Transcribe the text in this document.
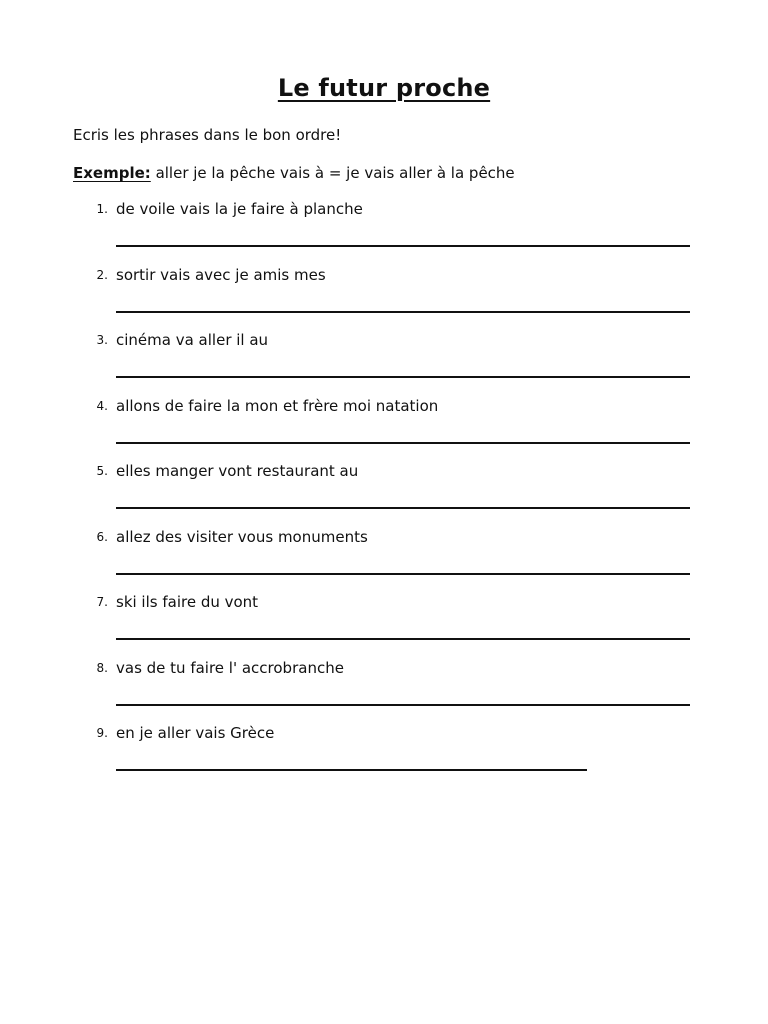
Le futur proche
Ecris les phrases dans le bon ordre!
Exemple: aller je la pêche vais à = je vais aller à la pêche
1. de voile vais la je faire à planche
2. sortir vais avec je amis mes
3. cinéma va aller il au
4. allons de faire la mon et frère moi natation
5. elles manger vont restaurant au
6. allez des visiter vous monuments
7. ski ils faire du vont
8. vas de tu faire l' accrobranche
9. en je aller vais Grèce
